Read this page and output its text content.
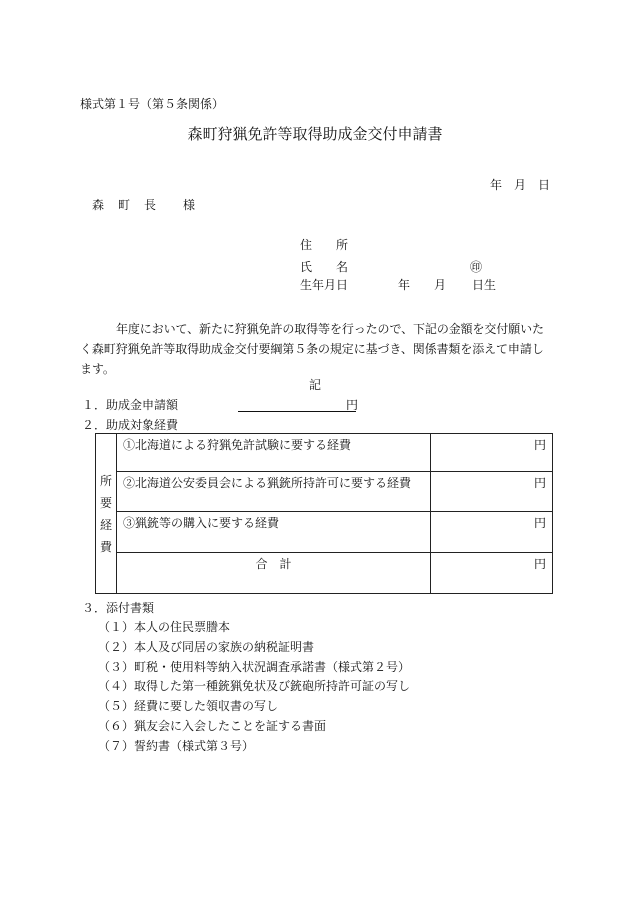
様式第１号（第５条関係）
森町狩猟免許等取得助成金交付申請書
年　月　日
森　町　長　　様
住　　所
氏　　名	㊞
生年月日	年 月 日生
年度において、新たに狩猟免許の取得等を行ったので、下記の金額を交付願いたく森町狩猟免許等取得助成金交付要綱第５条の規定に基づき、関係書類を添えて申請します。
記
１．助成金申請額	円
２．助成対象経費
所
要
経
費	①北海道による狩猟免許試験に要する経費	円
	②北海道公安委員会による猟銃所持許可に要する経費	円
	③猟銃等の購入に要する経費	円
	合　計	円
３．添付書類
（１）本人の住民票謄本
（２）本人及び同居の家族の納税証明書
（３）町税・使用料等納入状況調査承諾書（様式第２号）
（４）取得した第一種銃猟免状及び銃砲所持許可証の写し
（５）経費に要した領収書の写し
（６）猟友会に入会したことを証する書面
（７）誓約書（様式第３号）
